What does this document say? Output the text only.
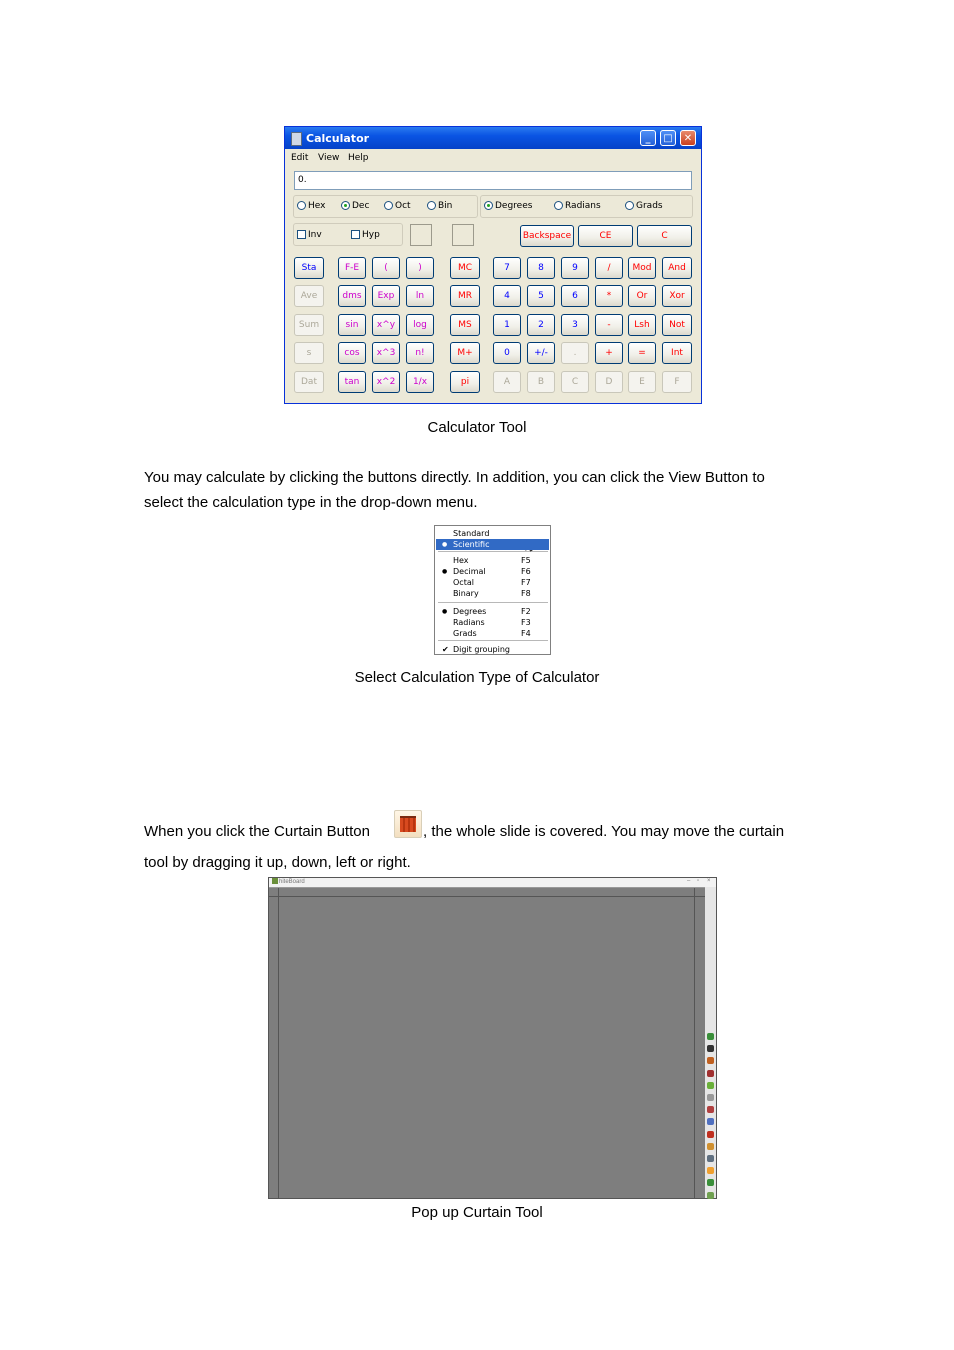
Calculator	_	□	✕
Edit View Help
0.
Hex	Dec	Oct	Bin	Degrees	Radians	Grads
Inv	Hyp	Backspace	CE	C
Sta	F-E	(	)	MC	7	8	9	/	Mod	And
Ave	dms	Exp	ln	MR	4	5	6	*	Or	Xor
Sum	sin	x^y	log	MS	1	2	3	-	Lsh	Not
s	cos	x^3	n!	M+	0	+/-	.	+	=	Int
Dat	tan	x^2	1/x	pi	A	B	C	D	E	F
Calculator Tool
You may calculate by clicking the buttons directly. In addition, you can click the View Button to
select the calculation type in the drop-down menu.
Standard
● Scientific
Hex	F5
● Decimal	F6
Octal	F7
Binary	F8
● Degrees	F2
Radians	F3
Grads	F4
✔ Digit grouping
Select Calculation Type of Calculator
When you click the Curtain Button	, the whole slide is covered. You may move the curtain
tool by dragging it up, down, left or right.
hiteBoard	– ▫ ×
Pop up Curtain Tool
